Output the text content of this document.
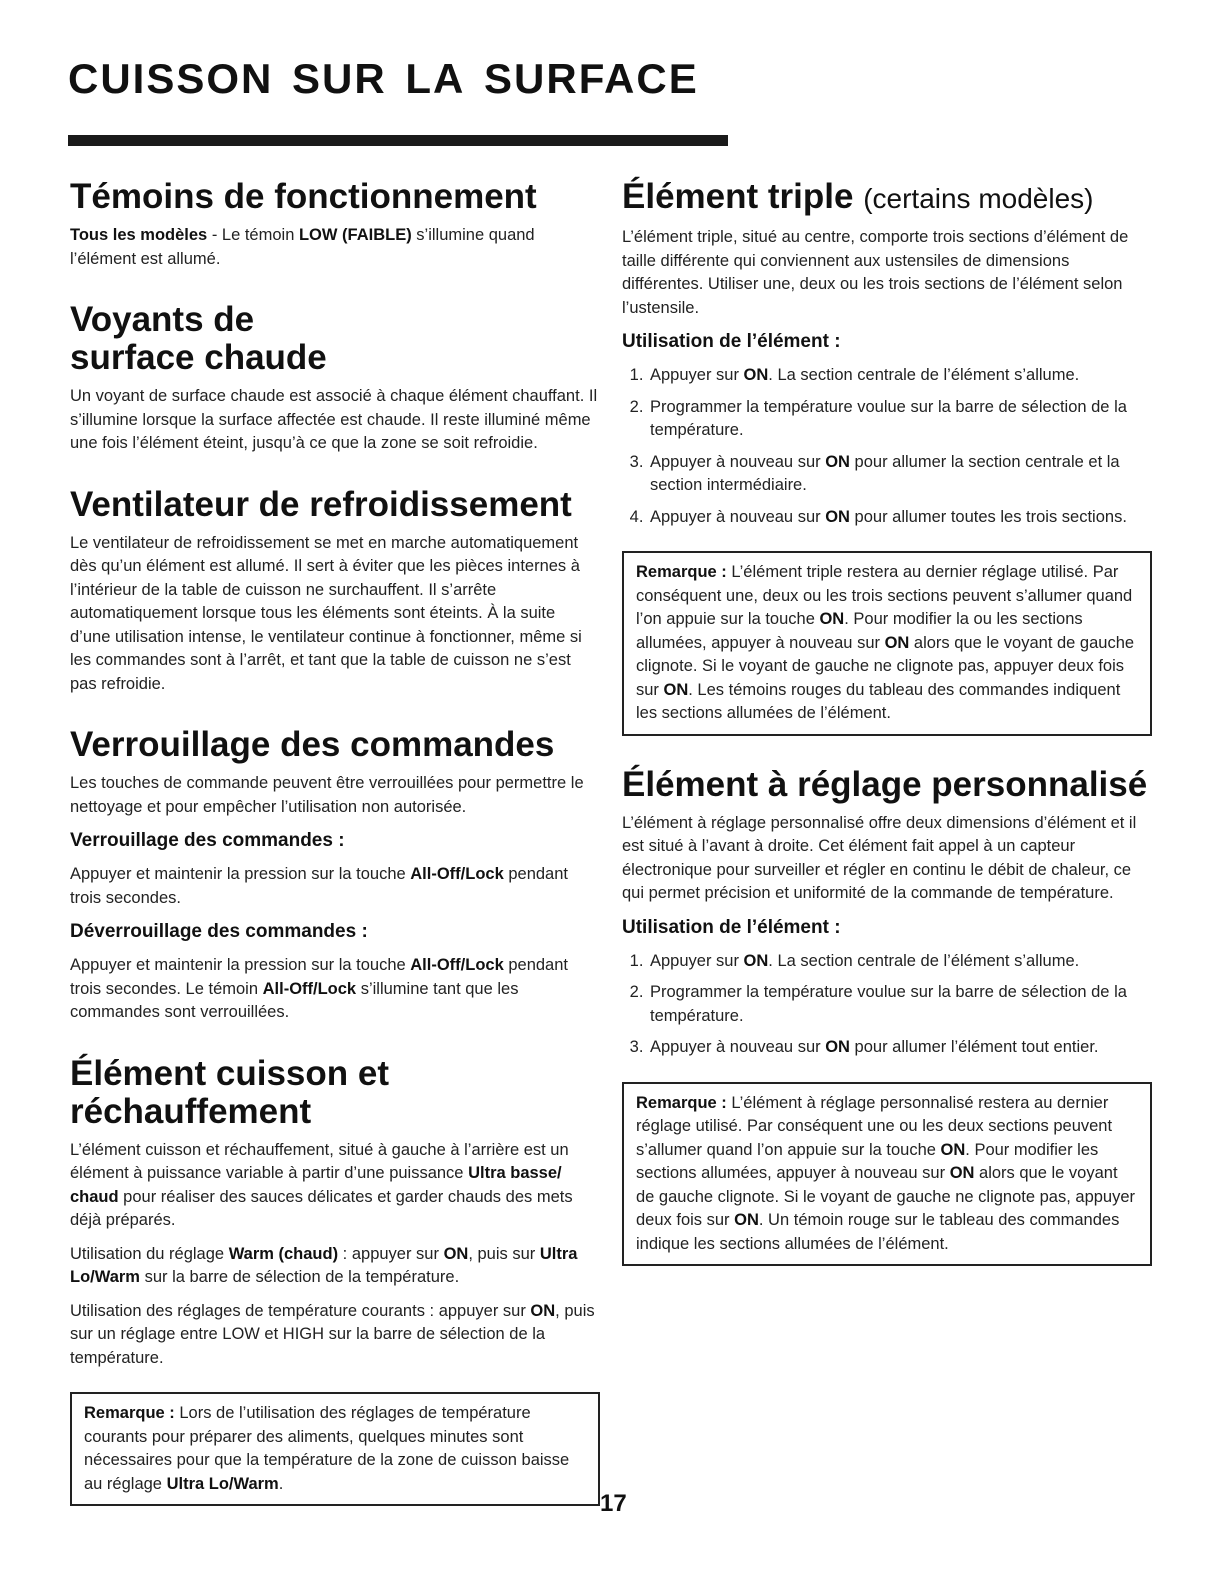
cuisson sur la surface
Témoins de fonctionnement

Tous les modèles - Le témoin LOW (FAIBLE) s’illumine quand l’élément est allumé.

Voyants de
surface chaude

Un voyant de surface chaude est associé à chaque élément chauffant. Il s’illumine lorsque la surface affectée est chaude. Il reste illuminé même une fois l’élément éteint, jusqu’à ce que la zone se soit refroidie.

Ventilateur de refroidissement

Le ventilateur de refroidissement se met en marche automatiquement dès qu’un élément est allumé. Il sert à éviter que les pièces internes à l’intérieur de la table de cuisson ne surchauffent. Il s’arrête automatiquement lorsque tous les éléments sont éteints. À la suite d’une utilisation intense, le ventilateur continue à fonctionner, même si les commandes sont à l’arrêt, et tant que la table de cuisson ne s’est pas refroidie.

Verrouillage des commandes

Les touches de commande peuvent être verrouillées pour permettre le nettoyage et pour empêcher l’utilisation non autorisée.

Verrouillage des commandes :

Appuyer et maintenir la pression sur la touche All-Off/Lock pendant trois secondes.

Déverrouillage des commandes :

Appuyer et maintenir la pression sur la touche All-Off/Lock pendant trois secondes. Le témoin All-Off/Lock s’illumine tant que les commandes sont verrouillées.

Élément cuisson et
réchauffement

L’élément cuisson et réchauffement, situé à gauche à l’arrière est un élément à puissance variable à partir d’une puissance Ultra basse/ chaud pour réaliser des sauces délicates et garder chauds des mets déjà préparés.

Utilisation du réglage Warm (chaud) : appuyer sur ON, puis sur Ultra Lo/Warm sur la barre de sélection de la température.

Utilisation des réglages de température courants : appuyer sur ON, puis sur un réglage entre LOW et HIGH sur la barre de sélection de la température.

Remarque : Lors de l’utilisation des réglages de température courants pour préparer des aliments, quelques minutes sont nécessaires pour que la température de la zone de cuisson baisse au réglage Ultra Lo/Warm.
Élément triple (certains modèles)

L’élément triple, situé au centre, comporte trois sections d’élément de taille différente qui conviennent aux ustensiles de dimensions différentes. Utiliser une, deux ou les trois sections de l’élément selon l’ustensile.

Utilisation de l’élément :
1. Appuyer sur ON. La section centrale de l’élément s’allume.
2. Programmer la température voulue sur la barre de sélection de la température.
3. Appuyer à nouveau sur ON pour allumer la section centrale et la section intermédiaire.
4. Appuyer à nouveau sur ON pour allumer toutes les trois sections.
Remarque : L’élément triple restera au dernier réglage utilisé. Par conséquent une, deux ou les trois sections peuvent s’allumer quand l’on appuie sur la touche ON. Pour modifier la ou les sections allumées, appuyer à nouveau sur ON alors que le voyant de gauche clignote. Si le voyant de gauche ne clignote pas, appuyer deux fois sur ON. Les témoins rouges du tableau des commandes indiquent les sections allumées de l’élément.
Élément à réglage personnalisé

L’élément à réglage personnalisé offre deux dimensions d’élément et il est situé à l’avant à droite. Cet élément fait appel à un capteur électronique pour surveiller et régler en continu le débit de chaleur, ce qui permet précision et uniformité de la commande de température.

Utilisation de l’élément :
1. Appuyer sur ON. La section centrale de l’élément s’allume.
2. Programmer la température voulue sur la barre de sélection de la température.
3. Appuyer à nouveau sur ON pour allumer l’élément tout entier.
Remarque : L’élément à réglage personnalisé restera au dernier réglage utilisé. Par conséquent une ou les deux sections peuvent s’allumer quand l’on appuie sur la touche ON. Pour modifier les sections allumées, appuyer à nouveau sur ON alors que le voyant de gauche clignote. Si le voyant de gauche ne clignote pas, appuyer deux fois sur ON. Un témoin rouge sur le tableau des commandes indique les sections allumées de l’élément.
17
